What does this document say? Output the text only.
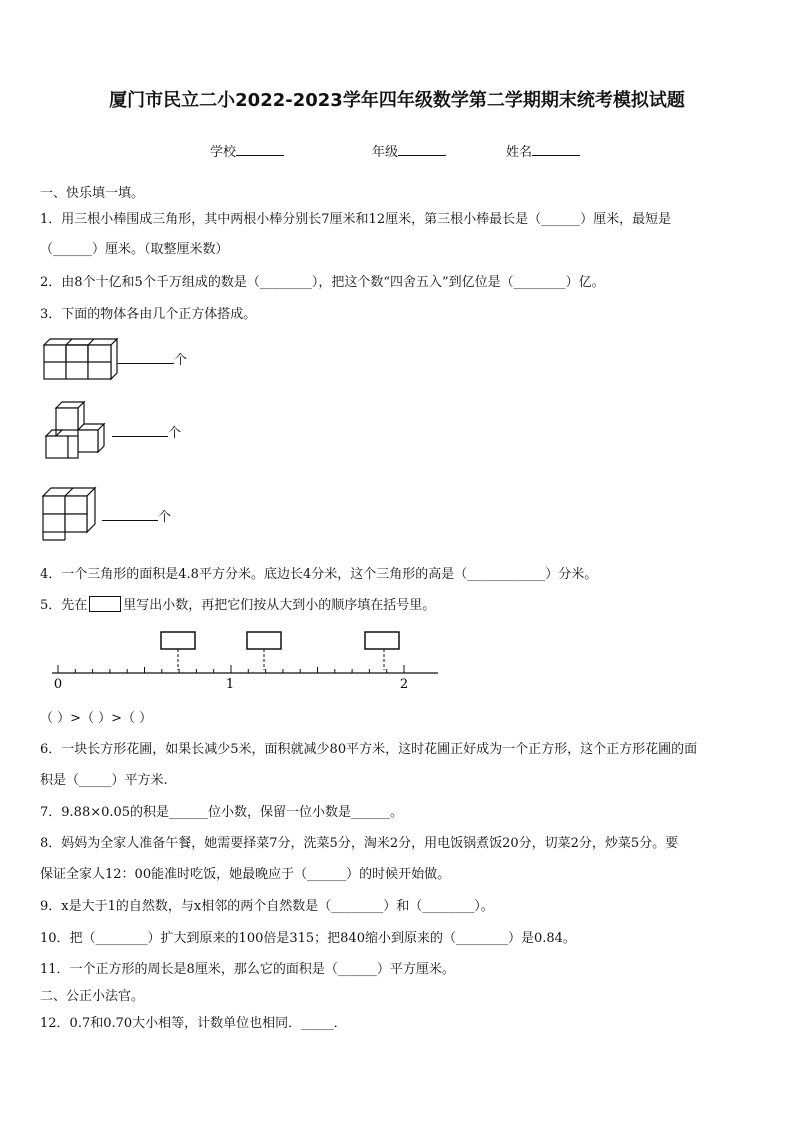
厦门市民立二小2022-2023学年四年级数学第二学期期末统考模拟试题
学校	年级	姓名
一、快乐填一填。
1．用三根小棒围成三角形，其中两根小棒分别长7厘米和12厘米，第三根小棒最长是（______）厘米，最短是
（______）厘米。（取整厘米数）
2．由8个十亿和5个千万组成的数是（________），把这个数“四舍五入”到亿位是（________）亿。
3．下面的物体各由几个正方体搭成。
个
个
个
4．一个三角形的面积是4.8平方分米。底边长4分米，这个三角形的高是（____________）分米。
5．先在	里写出小数，再把它们按从大到小的顺序填在括号里。
0	1	2
（ ）>（ ）>（ ）
6．一块长方形花圃，如果长减少5米，面积就减少80平方米，这时花圃正好成为一个正方形，这个正方形花圃的面
积是（_____）平方米.
7．9.88×0.05的积是______位小数，保留一位小数是______。
8．妈妈为全家人准备午餐，她需要择菜7分，洗菜5分，淘米2分，用电饭锅煮饭20分，切菜2分，炒菜5分。要
保证全家人12：00能准时吃饭，她最晚应于（______）的时候开始做。
9．x是大于1的自然数，与x相邻的两个自然数是（________）和（________）。
10．把（________）扩大到原来的100倍是315；把840缩小到原来的（________）是0.84。
11．一个正方形的周长是8厘米，那么它的面积是（______）平方厘米。
二、公正小法官。
12．0.7和0.70大小相等，计数单位也相同．_____．
